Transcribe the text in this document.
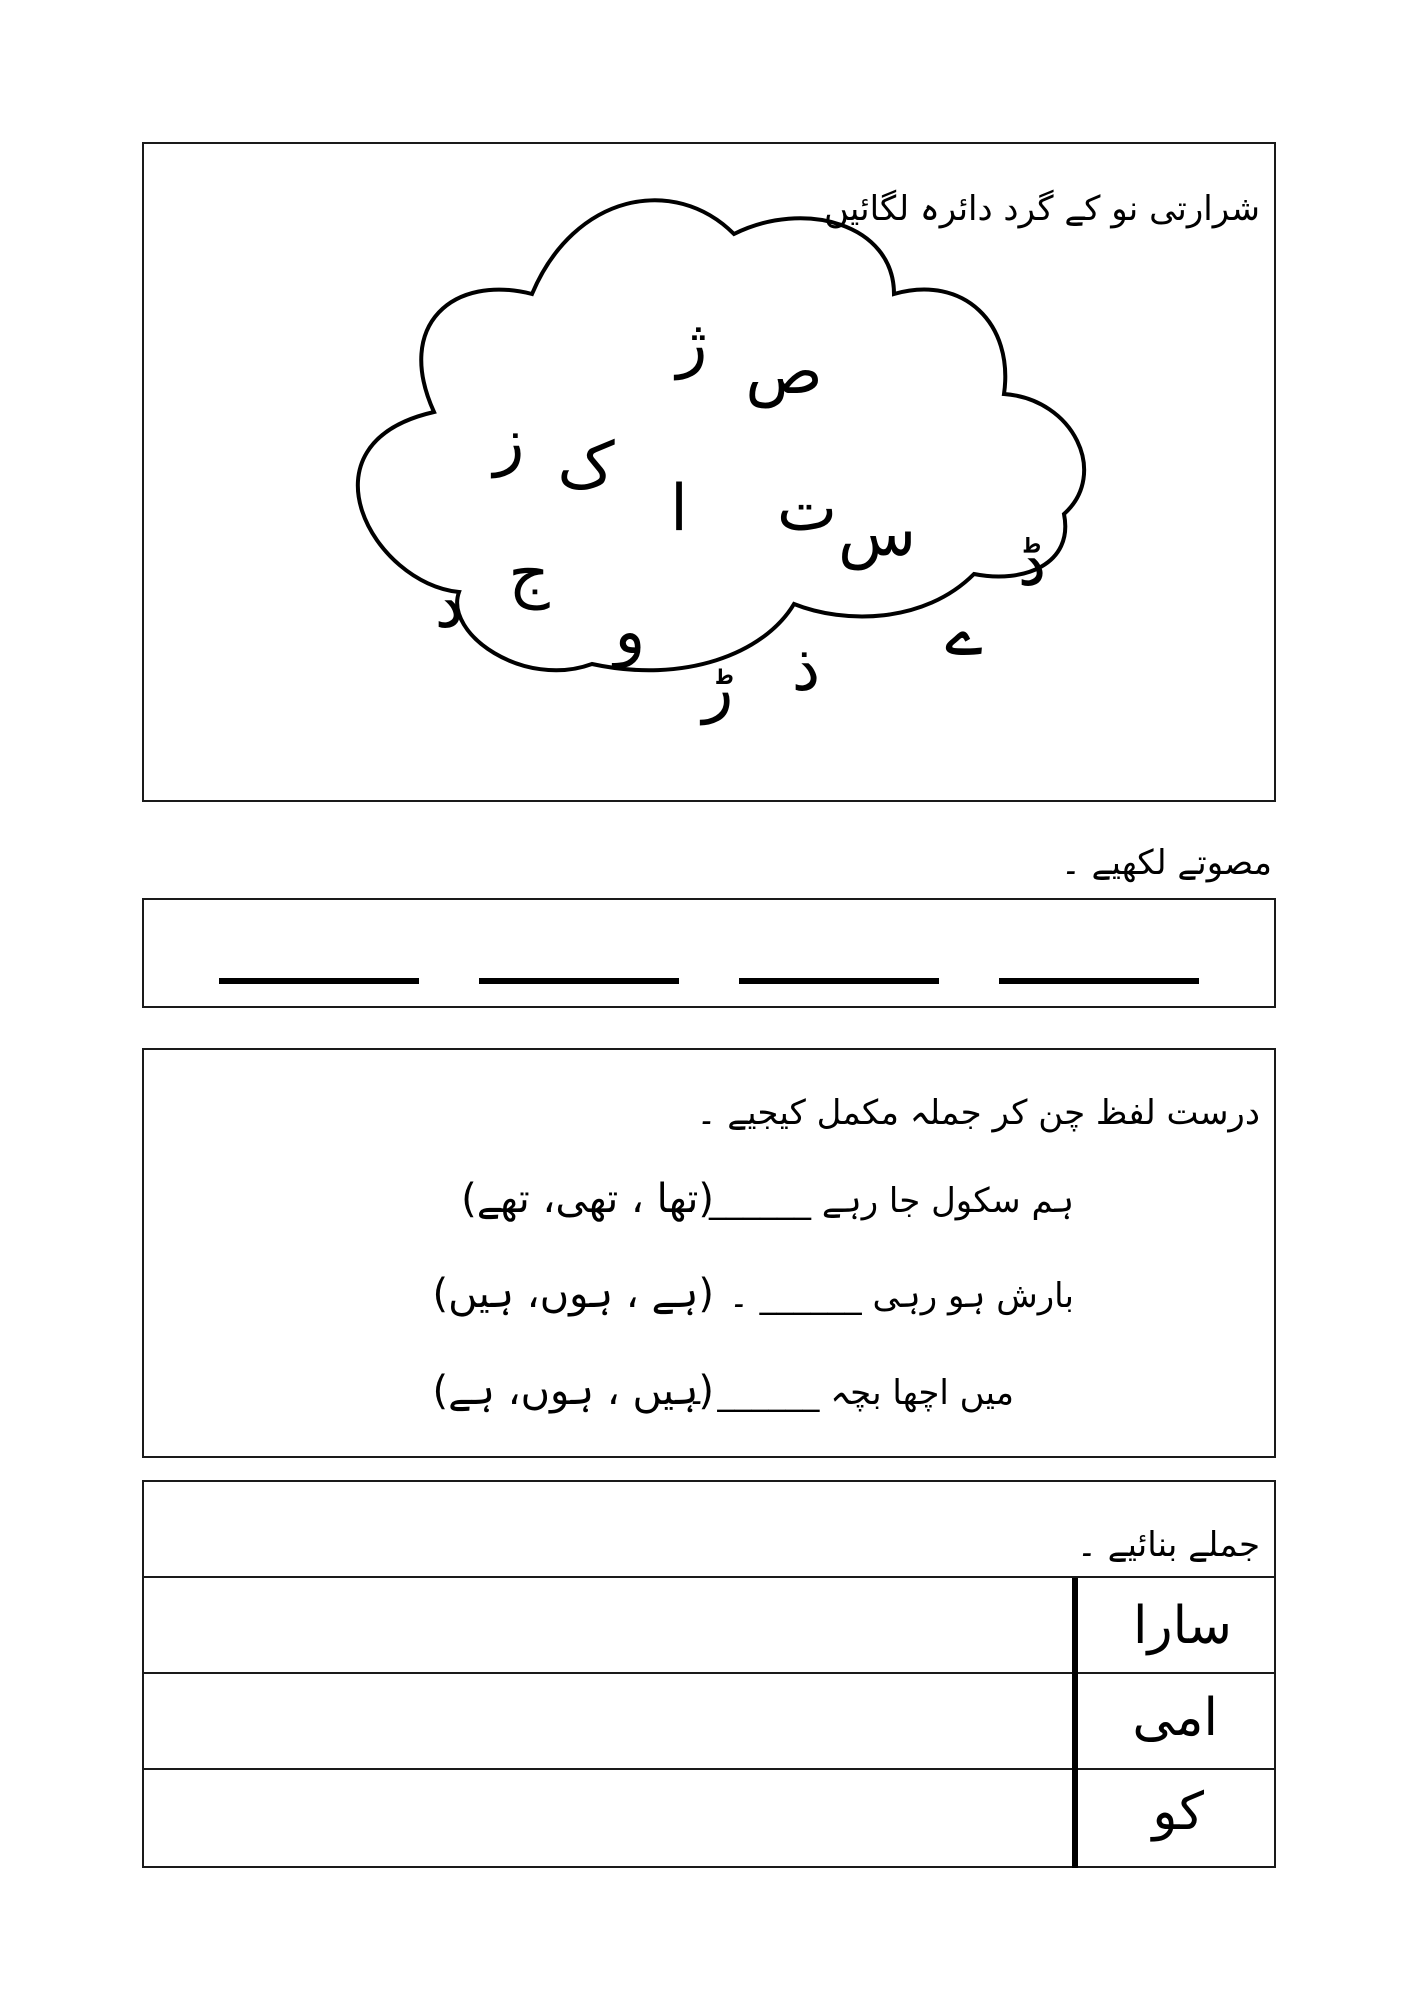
شرارتی نو کے گرد دائرہ لگائیں ۔
ص
ژ
ز ک
ا ت س ڈ
ج
د و
ڑ ذ ے
مصوتے لکھیے ۔
درست لفظ چن کر جملہ مکمل کیجیے ۔
ہم سکول جا رہے ______ ۔
(تھا ، تھی، تھے)
بارش ہو رہی ______ ۔
(ہے ، ہوں، ہیں)
میں اچھا بچہ ______ ۔
(ہیں ، ہوں، ہے)
جملے بنائیے ۔
سارا
امی
کو
